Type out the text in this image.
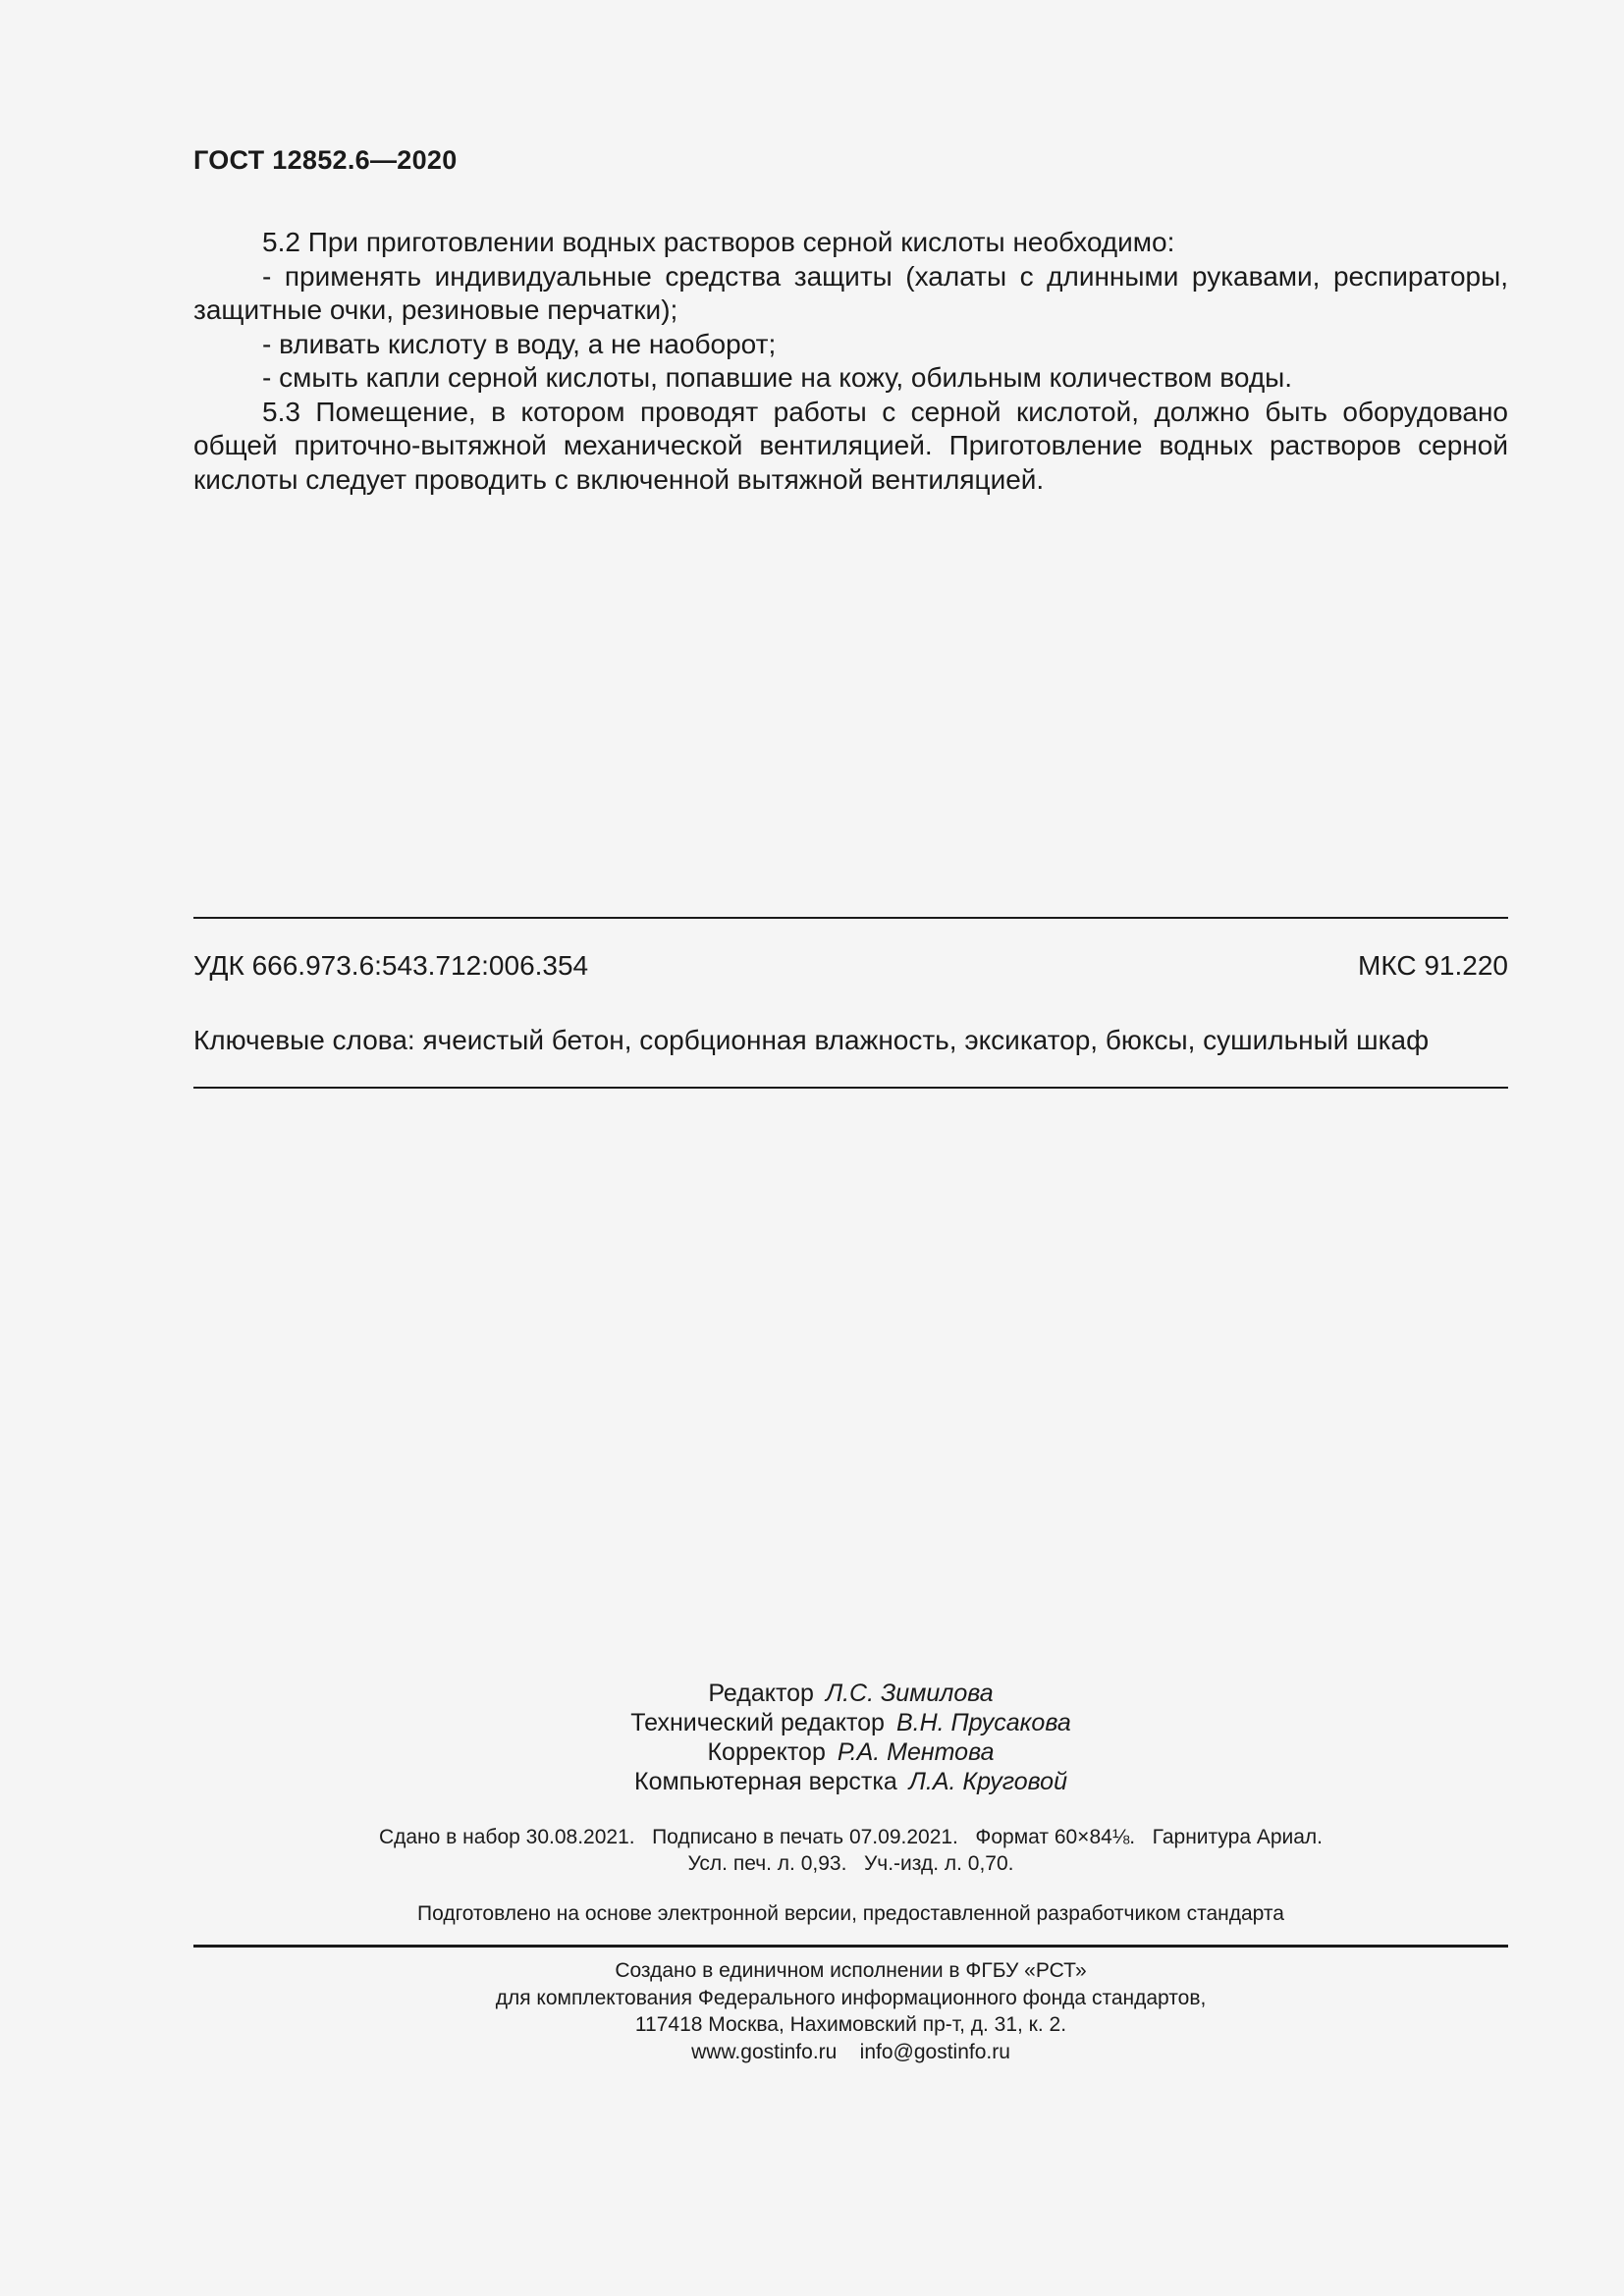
ГОСТ 12852.6—2020

5.2 При приготовлении водных растворов серной кислоты необходимо:

- применять индивидуальные средства защиты (халаты с длинными рукавами, респираторы, защитные очки, резиновые перчатки);

- вливать кислоту в воду, а не наоборот;

- смыть капли серной кислоты, попавшие на кожу, обильным количеством воды.

5.3 Помещение, в котором проводят работы с серной кислотой, должно быть оборудовано общей приточно-вытяжной механической вентиляцией. Приготовление водных растворов серной кислоты следует проводить с включенной вытяжной вентиляцией.

УДК 666.973.6:543.712:006.354	МКС 91.220
Ключевые слова: ячеистый бетон, сорбционная влажность, эксикатор, бюксы, сушильный шкаф
Редактор Л.С. Зимилова
Технический редактор В.Н. Прусакова
Корректор Р.А. Ментова
Компьютерная верстка Л.А. Круговой
Сдано в набор 30.08.2021.   Подписано в печать 07.09.2021.   Формат 60×84⅛.   Гарнитура Ариал.
Усл. печ. л. 0,93.   Уч.-изд. л. 0,70.
Подготовлено на основе электронной версии, предоставленной разработчиком стандарта
Создано в единичном исполнении в ФГБУ «РСТ»
для комплектования Федерального информационного фонда стандартов,
117418 Москва, Нахимовский пр-т, д. 31, к. 2.
www.gostinfo.ru    info@gostinfo.ru
